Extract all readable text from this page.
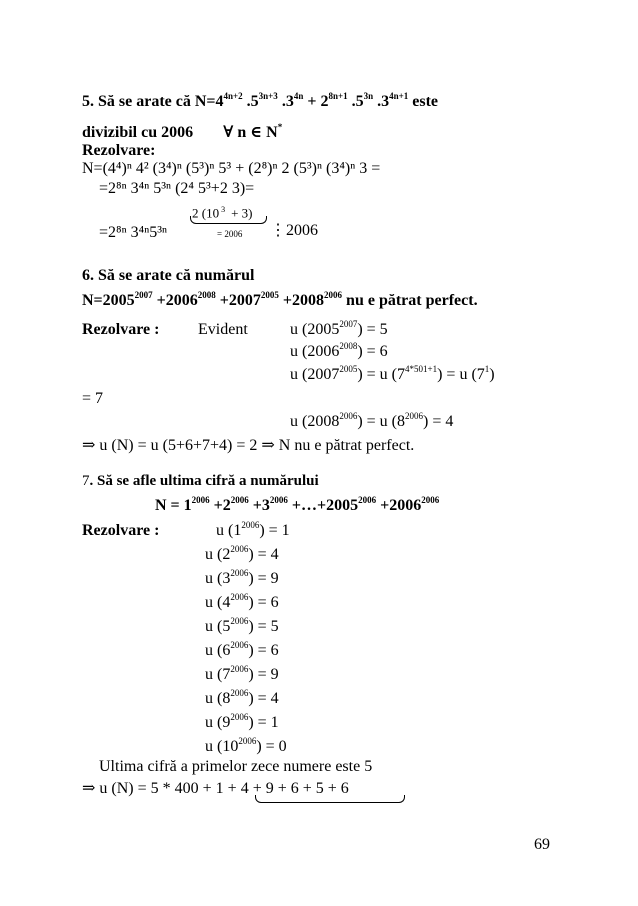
5. Să se arate că $N=4^{4n+2}$ $.5^{3n+3}$ $.3^{4n} + 2^{8n+1}$ $.5^{3n}$ $.3^{4n+1}$ este
divizibil cu 2006 ∀ n ∈ N*
Rezolvare:
N=(4⁴)ⁿ 4² (3⁴)ⁿ (5³)ⁿ 5³ + (2⁸)ⁿ 2 (5³)ⁿ (3⁴)ⁿ 3 =
=2⁸ⁿ 3⁴ⁿ 5³ⁿ (2⁴ 5³+2 3)=
2 (10 $^3$ + 3)
= 2006
=2⁸ⁿ 3⁴ⁿ5³ⁿ	⋮2006
6. Să se arate că numărul
$N=2005^{2007} +2006^{2008} +2007^{2005} +2008^{2006}$ nu e pătrat perfect.
Rezolvare : Evident	u $(2005^{2007}) = 5$
u $(2006^{2008}) = 6$
u $(2007^{2005}) = u$ $(7^{4*501+1}) = u$ $(7^1)$
= 7
u $(2008^{2006}) = u$ $(8^{2006}) = 4$
⇒ u (N) = u (5+6+7+4) = 2 ⇒ N nu e pătrat perfect.
7. Să se afle ultima cifră a numărului
$N = 1^{2006} +2^{2006} +3^{2006}$ $+\dots+2005^{2006} +2006^{2006}$
Rezolvare :	u $(1^{2006}) = 1$
u $(2^{2006}) = 4$
u $(3^{2006}) = 9$
u $(4^{2006}) = 6$
u $(5^{2006}) = 5$
u $(6^{2006}) = 6$
u $(7^{2006}) = 9$
u $(8^{2006}) = 4$
u $(9^{2006}) = 1$
u $(10^{2006}) = 0$
Ultima cifră a primelor zece numere este 5
⇒ u (N) = 5 * 400 + 1 + 4 + 9 + 6 + 5 + 6
69
